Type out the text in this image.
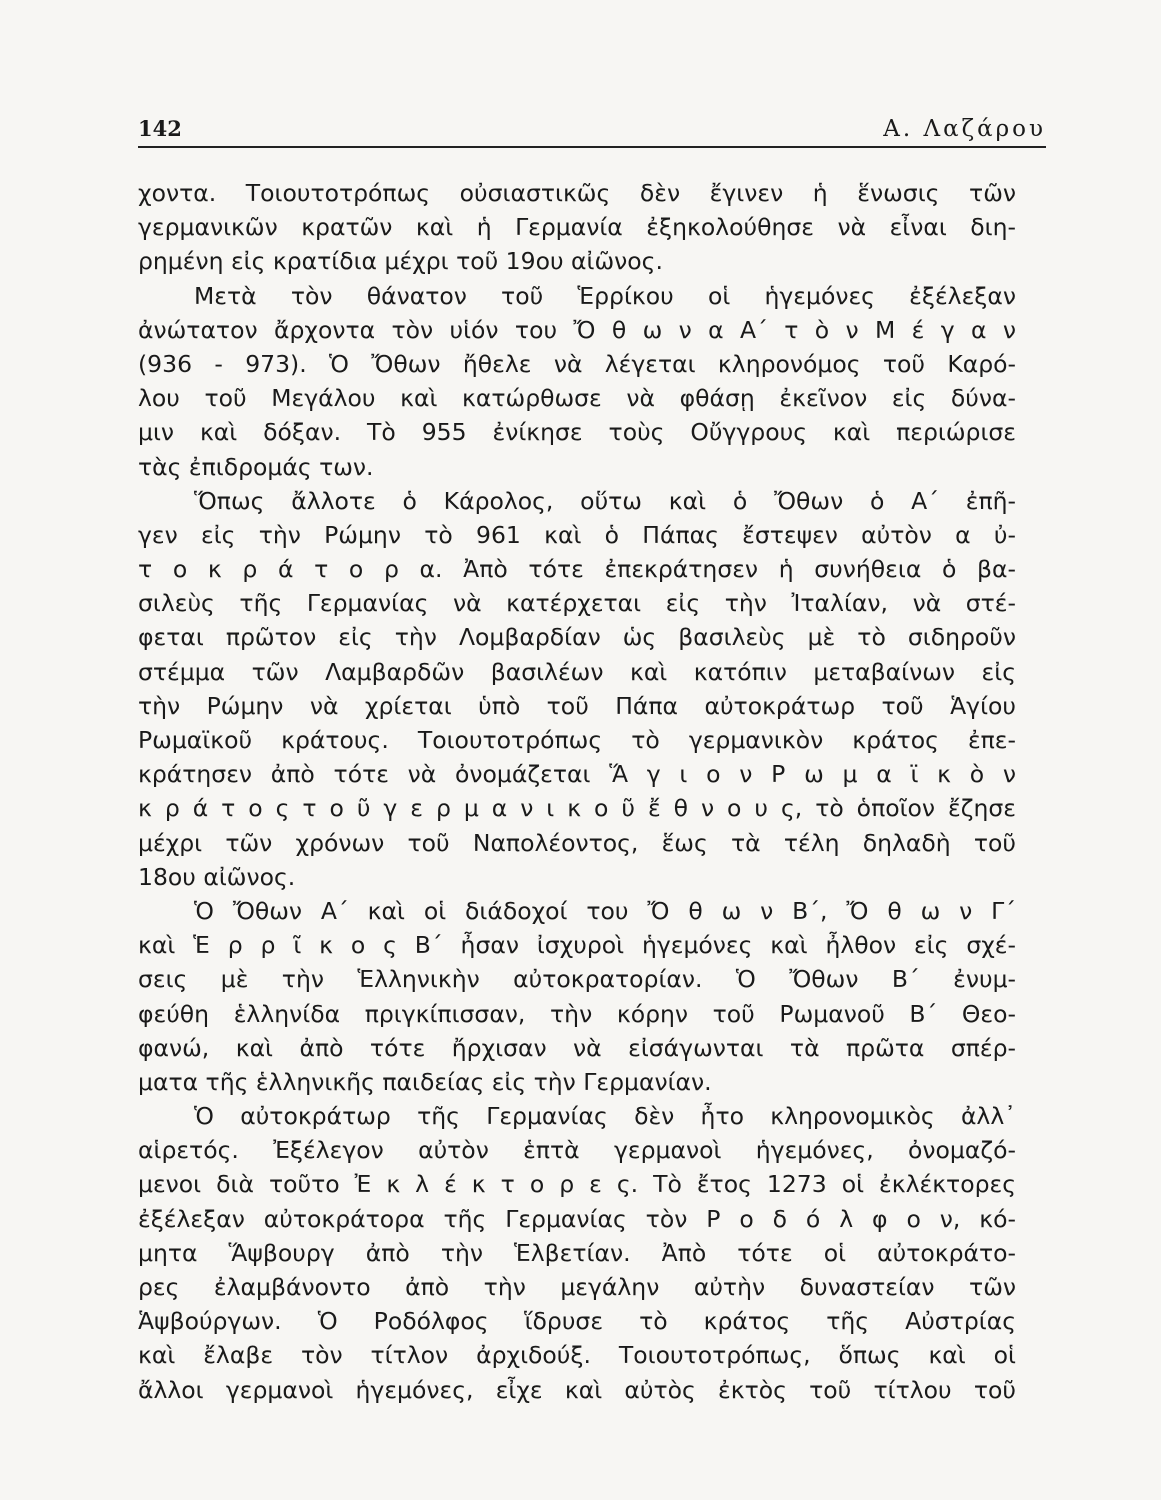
142	Α. Λαζάρου
χοντα. Τοιουτοτρόπως οὐσιαστικῶς δὲν ἔγινεν ἡ ἕνωσις τῶν
γερμανικῶν κρατῶν καὶ ἡ Γερμανία ἐξηκολούθησε νὰ εἶναι διη-
ρημένη εἰς κρατίδια μέχρι τοῦ 19ου αἰῶνος.
Μετὰ τὸν θάνατον τοῦ Ἑρρίκου οἱ ἡγεμόνες ἐξέλεξαν
ἀνώτατον ἄρχοντα τὸν υἱόν του Ὄ θ ω ν α Α΄ τ ὸ ν Μ έ γ α ν
(936 - 973). Ὁ Ὄθων ἤθελε νὰ λέγεται κληρονόμος τοῦ Καρό-
λου τοῦ Μεγάλου καὶ κατώρθωσε νὰ φθάσῃ ἐκεῖνον εἰς δύνα-
μιν καὶ δόξαν. Τὸ 955 ἐνίκησε τοὺς Οὔγγρους καὶ περιώρισε
τὰς ἐπιδρομάς των.
Ὅπως ἄλλοτε ὁ Κάρολος, οὕτω καὶ ὁ Ὄθων ὁ Α΄ ἐπῆ-
γεν εἰς τὴν Ρώμην τὸ 961 καὶ ὁ Πάπας ἔστεψεν αὐτὸν α ὐ-
τ ο κ ρ ά τ ο ρ α. Ἀπὸ τότε ἐπεκράτησεν ἡ συνήθεια ὁ βα-
σιλεὺς τῆς Γερμανίας νὰ κατέρχεται εἰς τὴν Ἰταλίαν, νὰ στέ-
φεται πρῶτον εἰς τὴν Λομβαρδίαν ὡς βασιλεὺς μὲ τὸ σιδηροῦν
στέμμα τῶν Λαμβαρδῶν βασιλέων καὶ κατόπιν μεταβαίνων εἰς
τὴν Ρώμην νὰ χρίεται ὑπὸ τοῦ Πάπα αὐτοκράτωρ τοῦ Ἁγίου
Ρωμαϊκοῦ κράτους. Τοιουτοτρόπως τὸ γερμανικὸν κράτος ἐπε-
κράτησεν ἀπὸ τότε νὰ ὀνομάζεται Ἅ γ ι ο ν Ρ ω μ α ϊ κ ὸ ν
κ ρ ά τ ο ς τ ο ῦ γ ε ρ μ α ν ι κ ο ῦ ἔ θ ν ο υ ς, τὸ ὁποῖον ἔζησε
μέχρι τῶν χρόνων τοῦ Ναπολέοντος, ἕως τὰ τέλη δηλαδὴ τοῦ
18ου αἰῶνος.
Ὁ Ὄθων Α΄ καὶ οἱ διάδοχοί του Ὄ θ ω ν Β΄, Ὄ θ ω ν Γ΄
καὶ Ἑ ρ ρ ῖ κ ο ς Β΄ ἦσαν ἰσχυροὶ ἡγεμόνες καὶ ἦλθον εἰς σχέ-
σεις μὲ τὴν Ἑλληνικὴν αὐτοκρατορίαν. Ὁ Ὄθων Β΄ ἐνυμ-
φεύθη ἑλληνίδα πριγκίπισσαν, τὴν κόρην τοῦ Ρωμανοῦ Β΄ Θεο-
φανώ, καὶ ἀπὸ τότε ἤρχισαν νὰ εἰσάγωνται τὰ πρῶτα σπέρ-
ματα τῆς ἑλληνικῆς παιδείας εἰς τὴν Γερμανίαν.
Ὁ αὐτοκράτωρ τῆς Γερμανίας δὲν ἦτο κληρονομικὸς ἀλλ᾽
αἱρετός. Ἐξέλεγον αὐτὸν ἑπτὰ γερμανοὶ ἡγεμόνες, ὀνομαζό-
μενοι διὰ τοῦτο Ἐ κ λ έ κ τ ο ρ ε ς. Τὸ ἔτος 1273 οἱ ἐκλέκτορες
ἐξέλεξαν αὐτοκράτορα τῆς Γερμανίας τὸν Ρ ο δ ό λ φ ο ν, κό-
μητα Ἅψβουργ ἀπὸ τὴν Ἑλβετίαν. Ἀπὸ τότε οἱ αὐτοκράτο-
ρες ἐλαμβάνοντο ἀπὸ τὴν μεγάλην αὐτὴν δυναστείαν τῶν
Ἁψβούργων. Ὁ Ροδόλφος ἵδρυσε τὸ κράτος τῆς Αὐστρίας
καὶ ἔλαβε τὸν τίτλον ἀρχιδούξ. Τοιουτοτρόπως, ὅπως καὶ οἱ
ἄλλοι γερμανοὶ ἡγεμόνες, εἶχε καὶ αὐτὸς ἐκτὸς τοῦ τίτλου τοῦ
